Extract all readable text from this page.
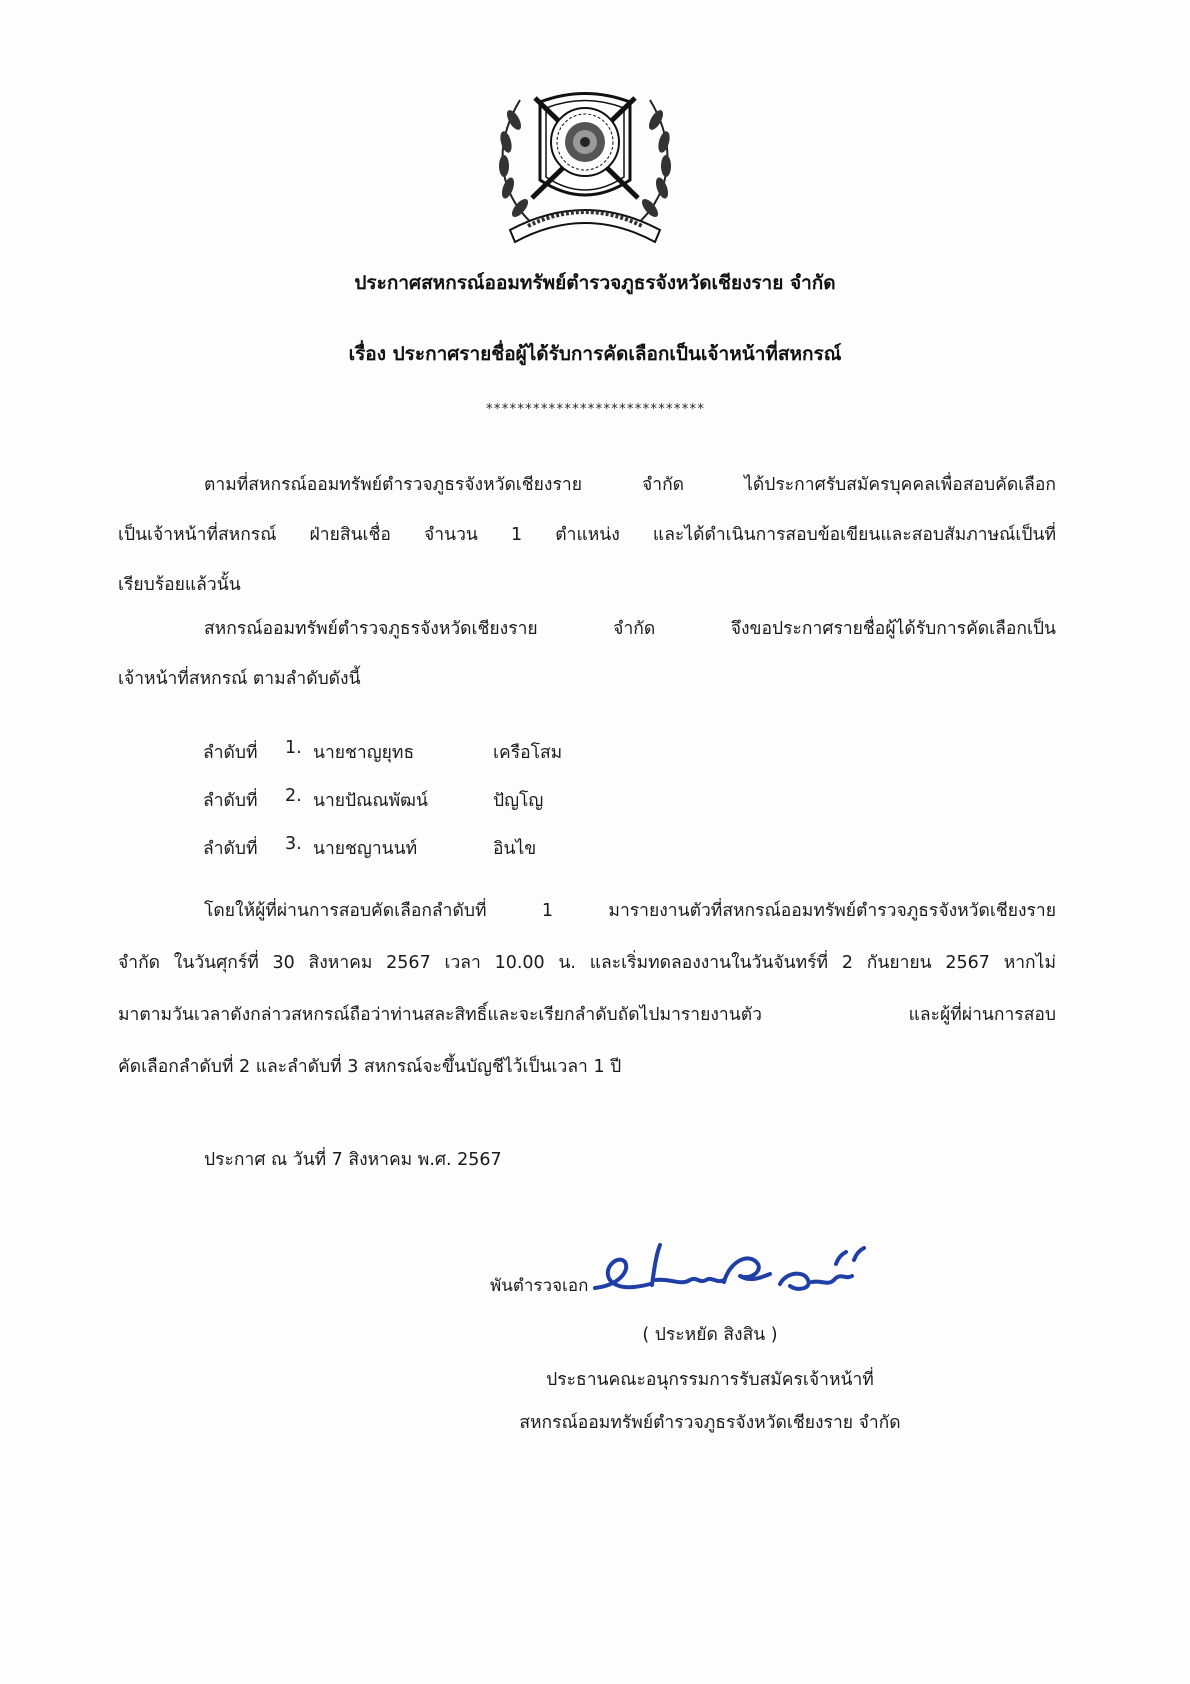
ประกาศสหกรณ์ออมทรัพย์ตำรวจภูธรจังหวัดเชียงราย จำกัด
เรื่อง ประกาศรายชื่อผู้ได้รับการคัดเลือกเป็นเจ้าหน้าที่สหกรณ์
****************************
ตามที่สหกรณ์ออมทรัพย์ตำรวจภูธรจังหวัดเชียงราย จำกัด ได้ประกาศรับสมัครบุคคลเพื่อสอบคัดเลือก
เป็นเจ้าหน้าที่สหกรณ์ ฝ่ายสินเชื่อ จำนวน 1 ตำแหน่ง และได้ดำเนินการสอบข้อเขียนและสอบสัมภาษณ์เป็นที่
เรียบร้อยแล้วนั้น
สหกรณ์ออมทรัพย์ตำรวจภูธรจังหวัดเชียงราย จำกัด จึงขอประกาศรายชื่อผู้ได้รับการคัดเลือกเป็น
เจ้าหน้าที่สหกรณ์ ตามลำดับดังนี้
ลำดับที่	1. นายชาญยุทธ	เครือโสม
ลำดับที่	2. นายปัณณพัฒน์	ปัญโญ
ลำดับที่	3. นายชญานนท์	อินไข
โดยให้ผู้ที่ผ่านการสอบคัดเลือกลำดับที่ 1 มารายงานตัวที่สหกรณ์ออมทรัพย์ตำรวจภูธรจังหวัดเชียงราย
จำกัด ในวันศุกร์ที่ 30 สิงหาคม 2567 เวลา 10.00 น. และเริ่มทดลองงานในวันจันทร์ที่ 2 กันยายน 2567 หากไม่
มาตามวันเวลาดังกล่าวสหกรณ์ถือว่าท่านสละสิทธิ์และจะเรียกลำดับถัดไปมารายงานตัว และผู้ที่ผ่านการสอบ
คัดเลือกลำดับที่ 2 และลำดับที่ 3 สหกรณ์จะขึ้นบัญชีไว้เป็นเวลา 1 ปี
ประกาศ ณ วันที่ 7 สิงหาคม พ.ศ. 2567
พันตำรวจเอก
( ประหยัด สิงสิน )
ประธานคณะอนุกรรมการรับสมัครเจ้าหน้าที่
สหกรณ์ออมทรัพย์ตำรวจภูธรจังหวัดเชียงราย จำกัด
